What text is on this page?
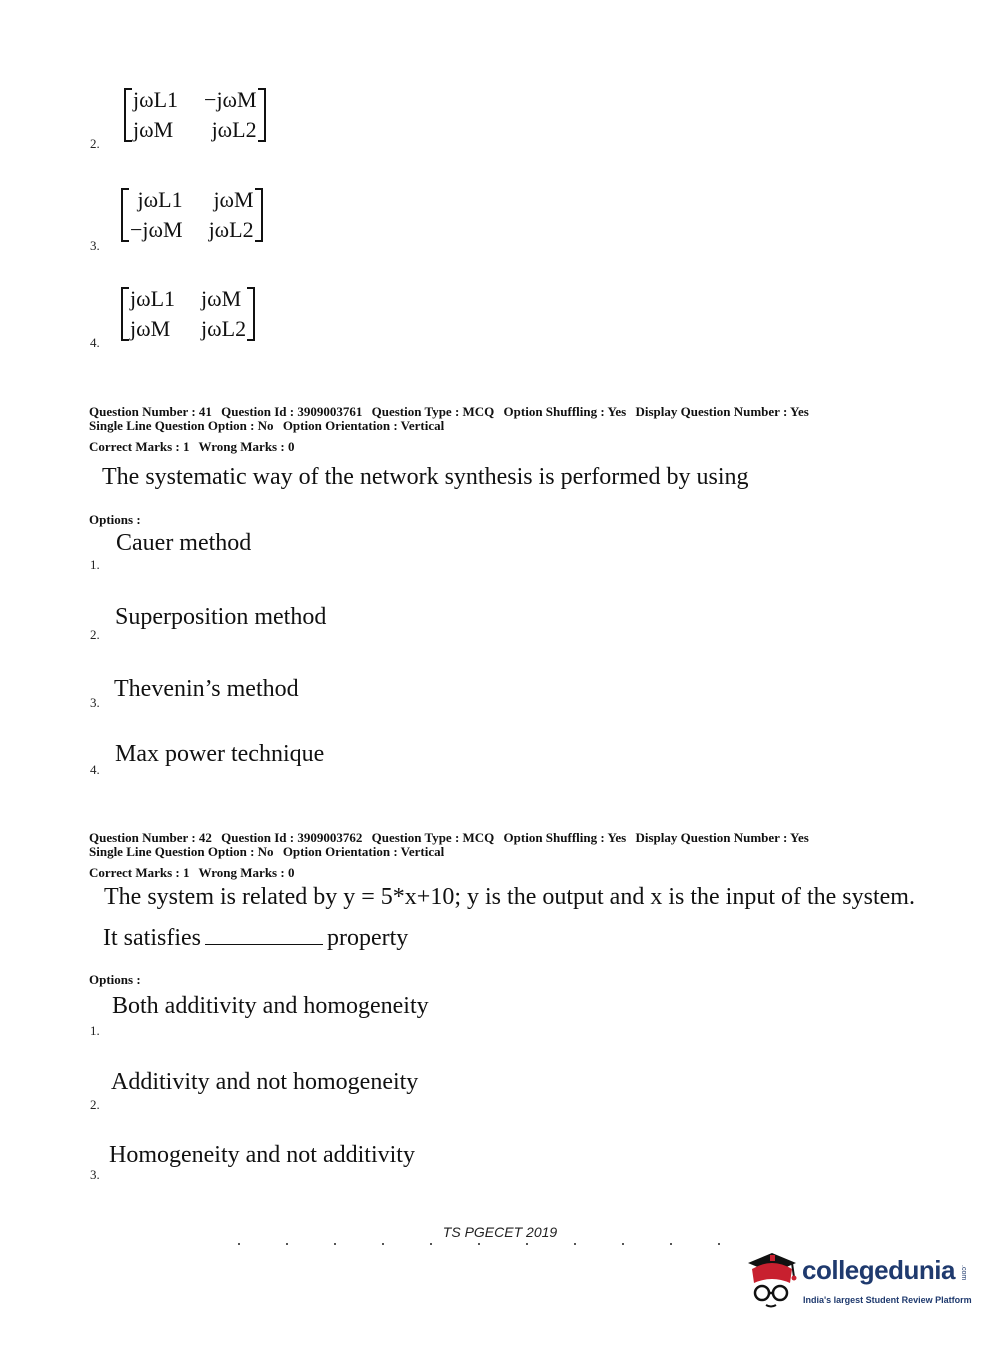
2.
jωL1 −jωM
jωM	jωL2
3.
jωL1 jωM
−jωM jωL2
4.
jωL1 jωM
jωM jωL2
Question Number : 41 Question Id : 3909003761 Question Type : MCQ Option Shuffling : Yes Display Question Number : Yes
Single Line Question Option : No Option Orientation : Vertical
Correct Marks : 1 Wrong Marks : 0
The systematic way of the network synthesis is performed by using
Options :
1.
Cauer method
2.
Superposition method
3.
Thevenin’s method
4.
Max power technique
Question Number : 42 Question Id : 3909003762 Question Type : MCQ Option Shuffling : Yes Display Question Number : Yes
Single Line Question Option : No Option Orientation : Vertical
Correct Marks : 1 Wrong Marks : 0
The system is related by y = 5*x+10; y is the output and x is the input of the system.
It satisfies	property
Options :
1.
Both additivity and homogeneity
2.
Additivity and not homogeneity
3.
Homogeneity and not additivity
TS PGECET 2019
collegedunia .com
India's largest Student Review Platform
